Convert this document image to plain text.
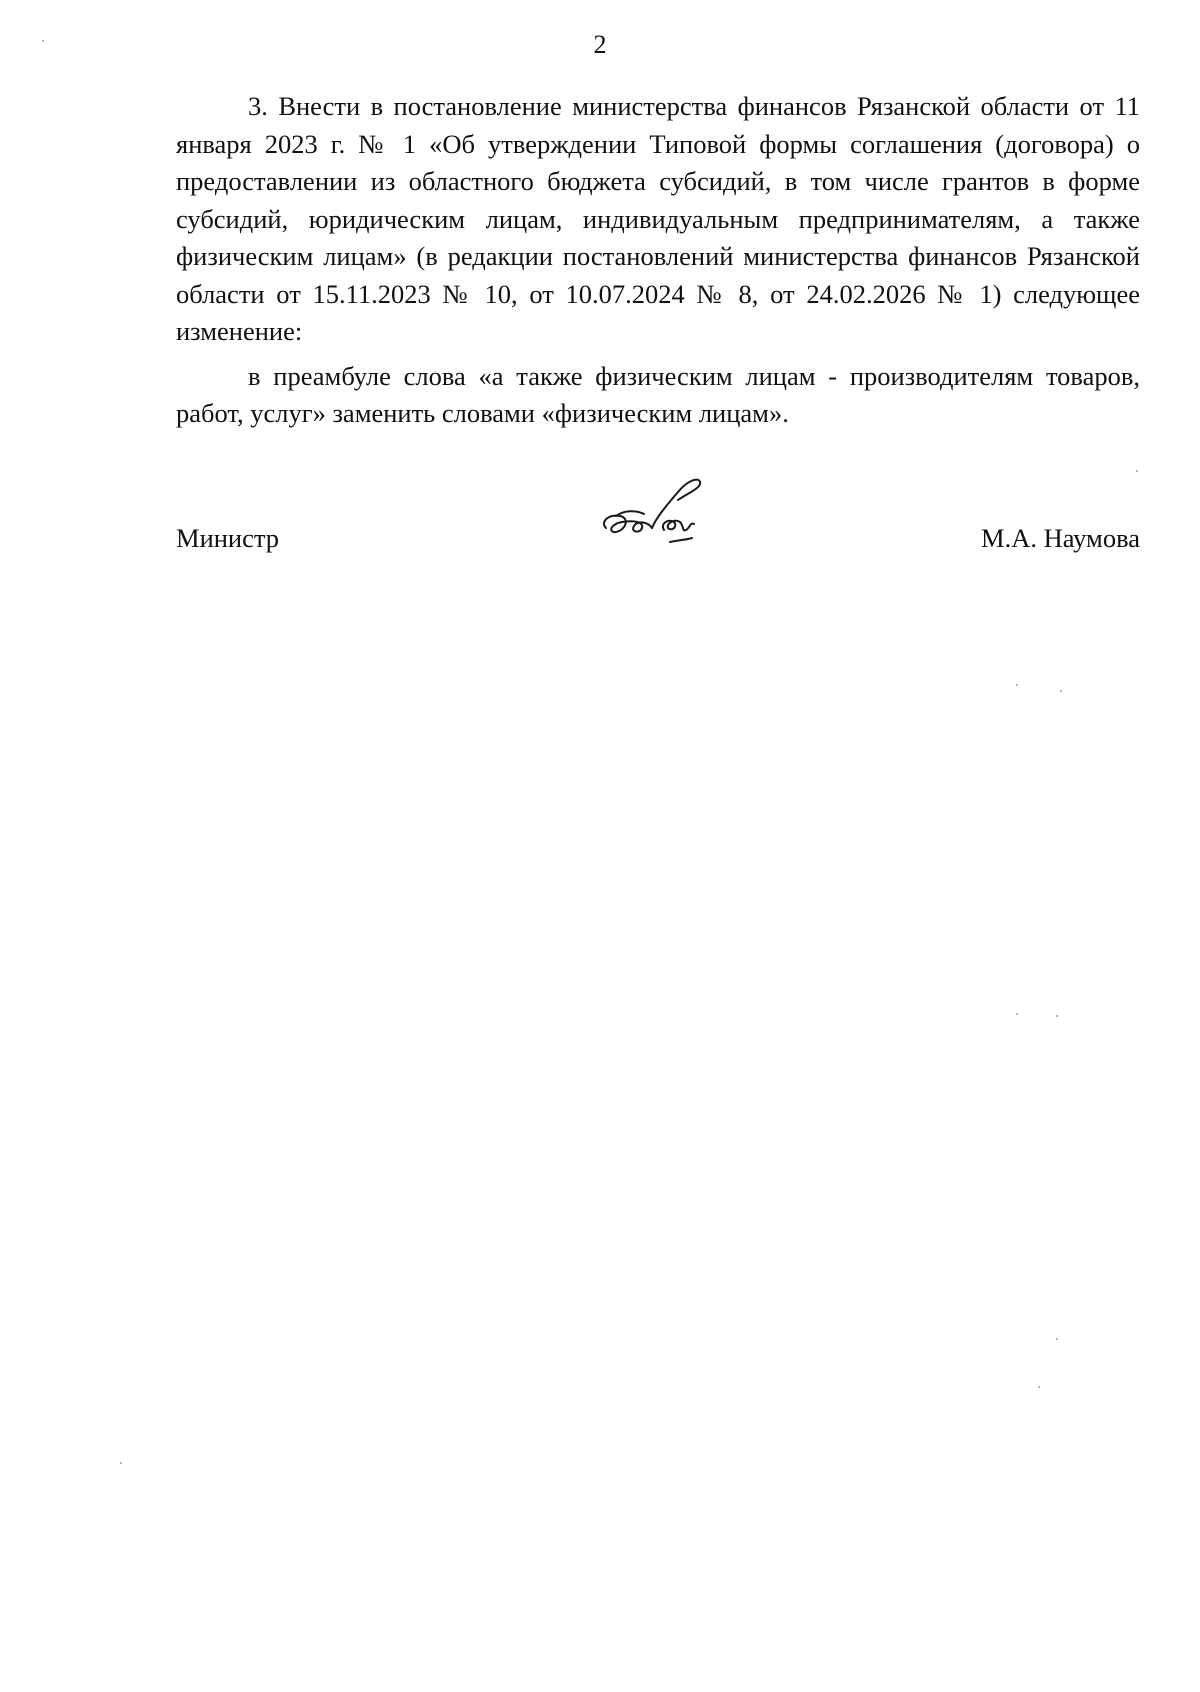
2

3. Внести в постановление министерства финансов Рязанской области от 11 января 2023 г. № 1 «Об утверждении Типовой формы соглашения (договора) о предоставлении из областного бюджета субсидий, в том числе грантов в форме субсидий, юридическим лицам, индивидуальным предпринимателям, а также физическим лицам» (в редакции постановлений министерства финансов Рязанской области от 15.11.2023 № 10, от 10.07.2024 № 8, от 24.02.2026 № 1) следующее изменение:

в преамбуле слова «а также физическим лицам - производителям товаров, работ, услуг» заменить словами «физическим лицам».

Министр	М.А. Наумова
